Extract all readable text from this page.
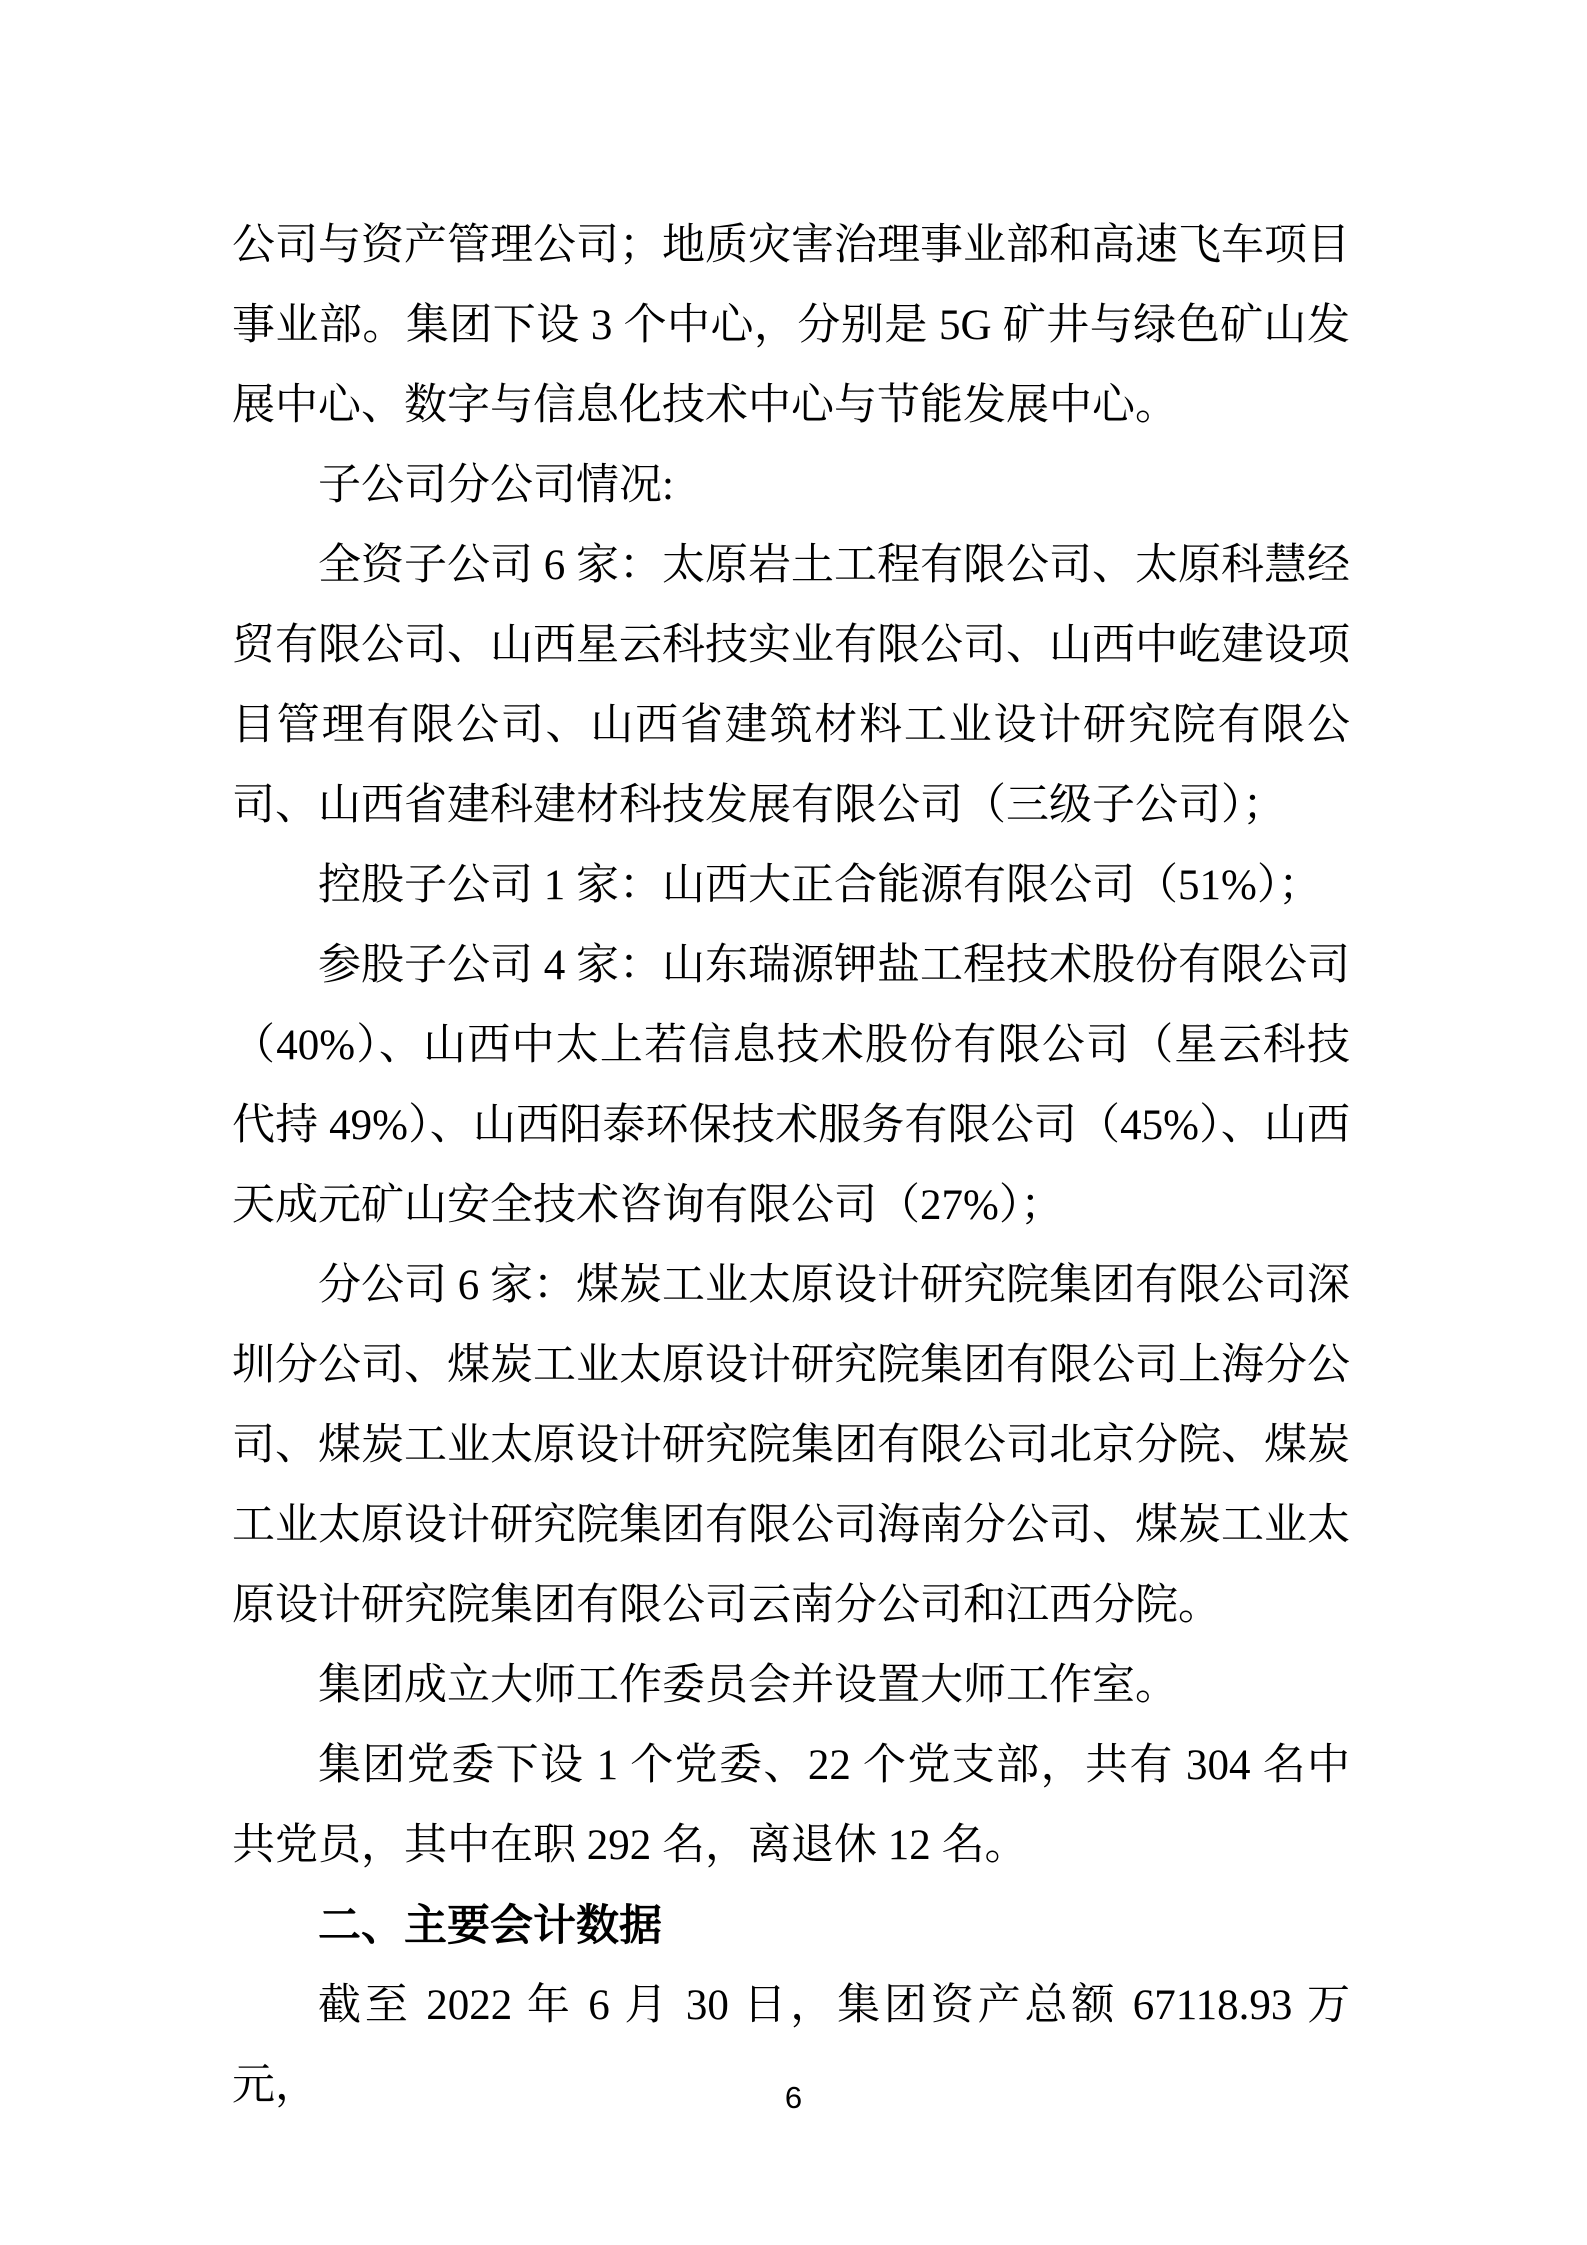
公司与资产管理公司；地质灾害治理事业部和高速飞车项目事业部。集团下设 3 个中心，分别是 5G 矿井与绿色矿山发展中心、数字与信息化技术中心与节能发展中心。

子公司分公司情况:

全资子公司 6 家：太原岩土工程有限公司、太原科慧经贸有限公司、山西星云科技实业有限公司、山西中屹建设项目管理有限公司、山西省建筑材料工业设计研究院有限公司、山西省建科建材科技发展有限公司（三级子公司）；

控股子公司 1 家：山西大正合能源有限公司（51%）；

参股子公司 4 家：山东瑞源钾盐工程技术股份有限公司（40%）、山西中太上若信息技术股份有限公司（星云科技代持 49%）、山西阳泰环保技术服务有限公司（45%）、山西天成元矿山安全技术咨询有限公司（27%）；

分公司 6 家：煤炭工业太原设计研究院集团有限公司深圳分公司、煤炭工业太原设计研究院集团有限公司上海分公司、煤炭工业太原设计研究院集团有限公司北京分院、煤炭工业太原设计研究院集团有限公司海南分公司、煤炭工业太原设计研究院集团有限公司云南分公司和江西分院。

集团成立大师工作委员会并设置大师工作室。

集团党委下设 1 个党委、22 个党支部，共有 304 名中共党员，其中在职 292 名，离退休 12 名。

二、主要会计数据

截至 2022 年 6 月 30 日，集团资产总额 67118.93 万元，	6
